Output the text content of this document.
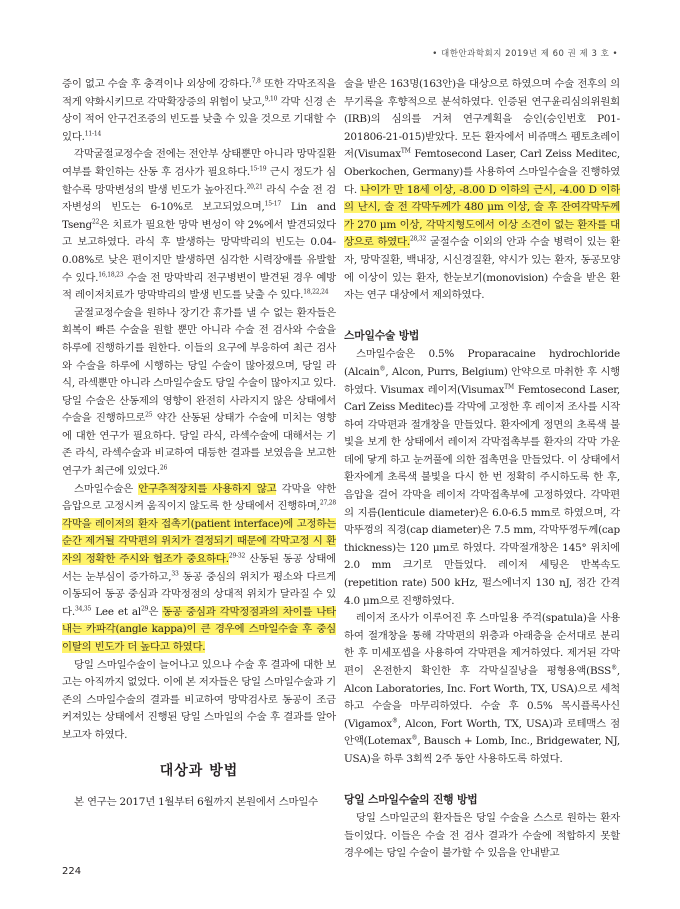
• 대한안과학회지 2019년 제 60 권 제 3 호 •

증이 없고 수술 후 충격이나 외상에 강하다.$^{7,8}$ 또한 각막조직을 적게 약화시키므로 각막확장증의 위험이 낮고,$^{9,10}$ 각막 신경 손상이 적어 안구건조증의 빈도를 낮출 수 있을 것으로 기대할 수 있다.$^{11-14}$

각막굴절교정수술 전에는 전안부 상태뿐만 아니라 망막질환 여부를 확인하는 산동 후 검사가 필요하다.$^{15-19}$ 근시 정도가 심할수록 망막변성의 발생 빈도가 높아진다.$^{20,21}$ 라식 수술 전 검자변성의 빈도는 6-10%로 보고되었으며,$^{15-17}$ Lin and Tseng$^{22}$은 치료가 필요한 망막 변성이 약 2%에서 발견되었다고 보고하였다. 라식 후 발생하는 망막박리의 빈도는 0.04-0.08%로 낮은 편이지만 발생하면 심각한 시력장애를 유발할 수 있다.$^{16,18,23}$ 수술 전 망막박리 전구병변이 발견된 경우 예방적 레이저치료가 망막박리의 발생 빈도를 낮출 수 있다.$^{18,22,24}$

굴절교정수술을 원하나 장기간 휴가를 낼 수 없는 환자들은 회복이 빠른 수술을 원할 뿐만 아니라 수술 전 검사와 수술을 하루에 진행하기를 원한다. 이들의 요구에 부응하여 최근 검사와 수술을 하루에 시행하는 당일 수술이 많아졌으며, 당일 라식, 라섹뿐만 아니라 스마일수술도 당일 수술이 많아지고 있다. 당일 수술은 산동제의 영향이 완전히 사라지지 않은 상태에서 수술을 진행하므로$^{25}$ 약간 산동된 상태가 수술에 미치는 영향에 대한 연구가 필요하다. 당일 라식, 라섹수술에 대해서는 기존 라식, 라섹수술과 비교하여 대등한 결과를 보였음을 보고한 연구가 최근에 있었다.$^{26}$

스마일수술은 안구추적장치를 사용하지 않고 각막을 약한 음압으로 고정시켜 움직이지 않도록 한 상태에서 진행하며,$^{27,28}$ 각막을 레이저의 환자 접촉기(patient interface)에 고정하는 순간 제거될 각막편의 위치가 결정되기 때문에 각막고정 시 환자의 정확한 주시와 협조가 중요하다.$^{29-32}$ 산동된 동공 상태에서는 눈부심이 증가하고,$^{33}$ 동공 중심의 위치가 평소와 다르게 이동되어 동공 중심과 각막정점의 상대적 위치가 달라질 수 있다.$^{34,35}$ Lee et $al^{29}$은 동공 중심과 각막정점과의 차이를 나타내는 카파각(angle kappa)이 큰 경우에 스마일수술 후 중심 이탈의 빈도가 더 높다고 하였다.

당일 스마일수술이 늘어나고 있으나 수술 후 결과에 대한 보고는 아직까지 없었다. 이에 본 저자들은 당일 스마일수술과 기존의 스마일수술의 결과를 비교하여 망막검사로 동공이 조금 커져있는 상태에서 진행된 당일 스마일의 수술 후 결과를 알아보고자 하였다.

대상과 방법

본 연구는 2017년 1월부터 6월까지 본원에서 스마일수

술을 받은 163명(163안)을 대상으로 하였으며 수술 전후의 의무기록을 후향적으로 분석하였다. 인증된 연구윤리심의위원회(IRB)의 심의를 거쳐 연구계획을 승인(승인번호 P01-201806-21-015)받았다. 모든 환자에서 비쥬맥스 펨토초레이저(Visumax™ Femtosecond Laser, Carl Zeiss Meditec, Oberkochen, Germany)를 사용하여 스마일수술을 진행하였다. 나이가 만 18세 이상, -8.00 D 이하의 근시, -4.00 D 이하의 난시, 술 전 각막두께가 480 μm 이상, 술 후 잔여각막두께가 270 μm 이상, 각막지형도에서 이상 소견이 없는 환자를 대상으로 하였다.$^{28,32}$ 굴절수술 이외의 안과 수술 병력이 있는 환자, 망막질환, 백내장, 시신경질환, 약시가 있는 환자, 동공모양에 이상이 있는 환자, 한눈보기(monovision) 수술을 받은 환자는 연구 대상에서 제외하였다.

스마일수술 방법

스마일수술은 0.5% Proparacaine hydrochloride (Alcain®, Alcon, Purrs, Belgium) 안약으로 마취한 후 시행하였다. Visumax 레이저(Visumax™ Femtosecond Laser, Carl Zeiss Meditec)를 각막에 고정한 후 레이저 조사를 시작하여 각막편과 절개창을 만들었다. 환자에게 정면의 초록색 불빛을 보게 한 상태에서 레이저 각막접촉부를 환자의 각막 가운데에 닿게 하고 눈꺼풀에 의한 접촉면을 만들었다. 이 상태에서 환자에게 초록색 불빛을 다시 한 번 정확히 주시하도록 한 후, 음압을 걸어 각막을 레이저 각막접촉부에 고정하였다. 각막편의 지름(lenticule diameter)은 6.0-6.5 mm로 하였으며, 각막뚜껑의 직경(cap diameter)은 7.5 mm, 각막뚜껑두께(cap thickness)는 120 μm로 하였다. 각막절개창은 145° 위치에 2.0 mm 크기로 만들었다. 레이저 세팅은 반복속도(repetition rate) 500 kHz, 펄스에너지 130 nJ, 점간 간격 4.0 μm으로 진행하였다.

레이저 조사가 이루어진 후 스마일용 주걱(spatula)을 사용하여 절개창을 통해 각막편의 위층과 아래층을 순서대로 분리한 후 미세포셉을 사용하여 각막편을 제거하였다. 제거된 각막편이 온전한지 확인한 후 각막실질낭을 평형용액(BSS®, Alcon Laboratories, Inc. Fort Worth, TX, USA)으로 세척하고 수술을 마무리하였다. 수술 후 0.5% 목시플록사신(Vigamox®, Alcon, Fort Worth, TX, USA)과 로테맥스 점안액(Lotemax®, Bausch + Lomb, Inc., Bridgewater, NJ, USA)을 하루 3회씩 2주 동안 사용하도록 하였다.

당일 스마일수술의 진행 방법

당일 스마일군의 환자들은 당일 수술을 스스로 원하는 환자들이었다. 이들은 수술 전 검사 결과가 수술에 적합하지 못할 경우에는 당일 수술이 불가할 수 있음을 안내받고

224
